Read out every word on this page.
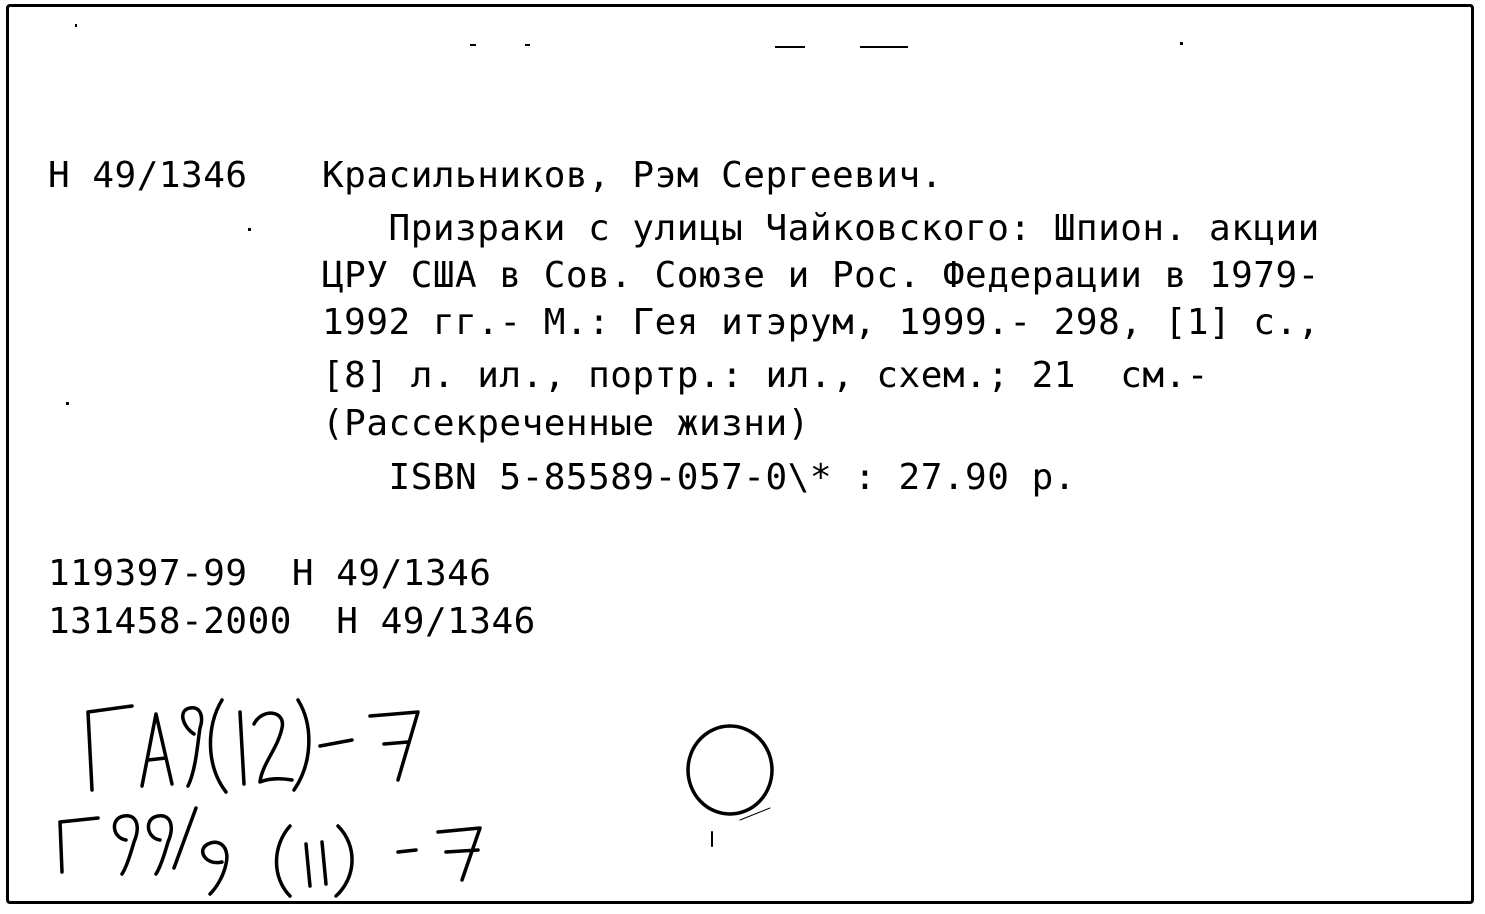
Н 49/1346 Красильников, Рэм Сергеевич.
Призраки с улицы Чайковского: Шпион. акции
ЦРУ США в Сов. Союзе и Рос. Федерации в 1979-
1992 гг.- М.: Гея итэрум, 1999.- 298, [1] с.,
[8] л. ил., портр.: ил., схем.; 21  см.-
(Рассекреченные жизни)
ISBN 5-85589-057-0\* : 27.90 р.
119397-99  Н 49/1346
131458-2000  Н 49/1346
